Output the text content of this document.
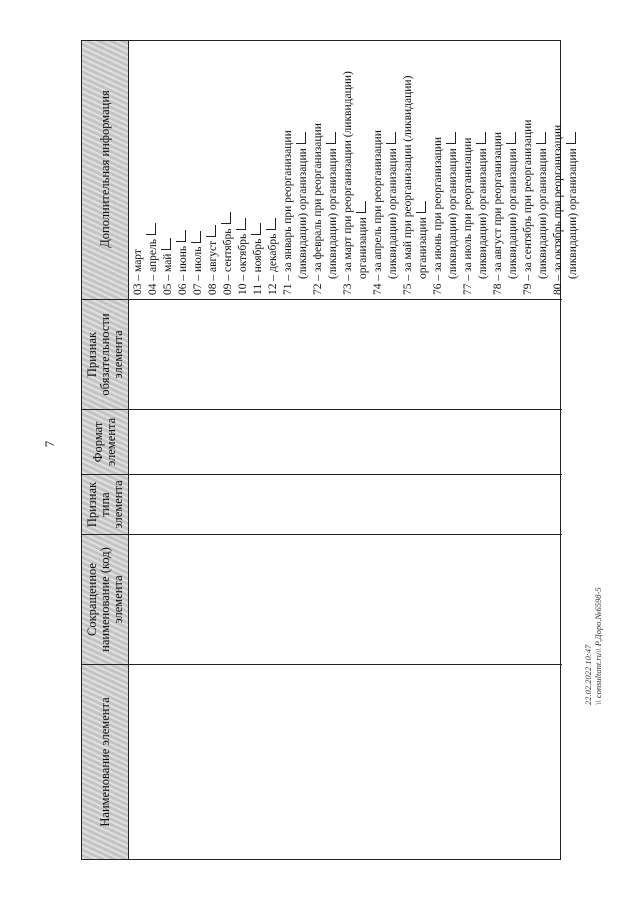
7
22.02.2022 10:47 \\ consultant.ru\\ Р.Доро.№6598-5
Наименование элемента
Сокращенное наименование (код) элемента
Признак типа элемента
Формат элемента
Признак обязательности элемента
Дополнительная информация
03 – март 04 – апрель 05 – май 06 – июнь 07 – июль 08 – август 09 – сентябрь 10 – октябрь 11 – ноябрь 12 – декабрь 71 – за январь при реорганизации (ликвидации) организации 72 – за февраль при реорганизации (ликвидации) организации 73 – за март при реорганизации (ликвидации) организации 74 – за апрель при реорганизации (ликвидации) организации 75 – за май при реорганизации (ликвидации) организации 76 – за июнь при реорганизации (ликвидации) организации 77 – за июль при реорганизации (ликвидации) организации 78 – за август при реорганизации (ликвидации) организации 79 – за сентябрь при реорганизации (ликвидации) организации 80 – за октябрь при реорганизации (ликвидации) организации
